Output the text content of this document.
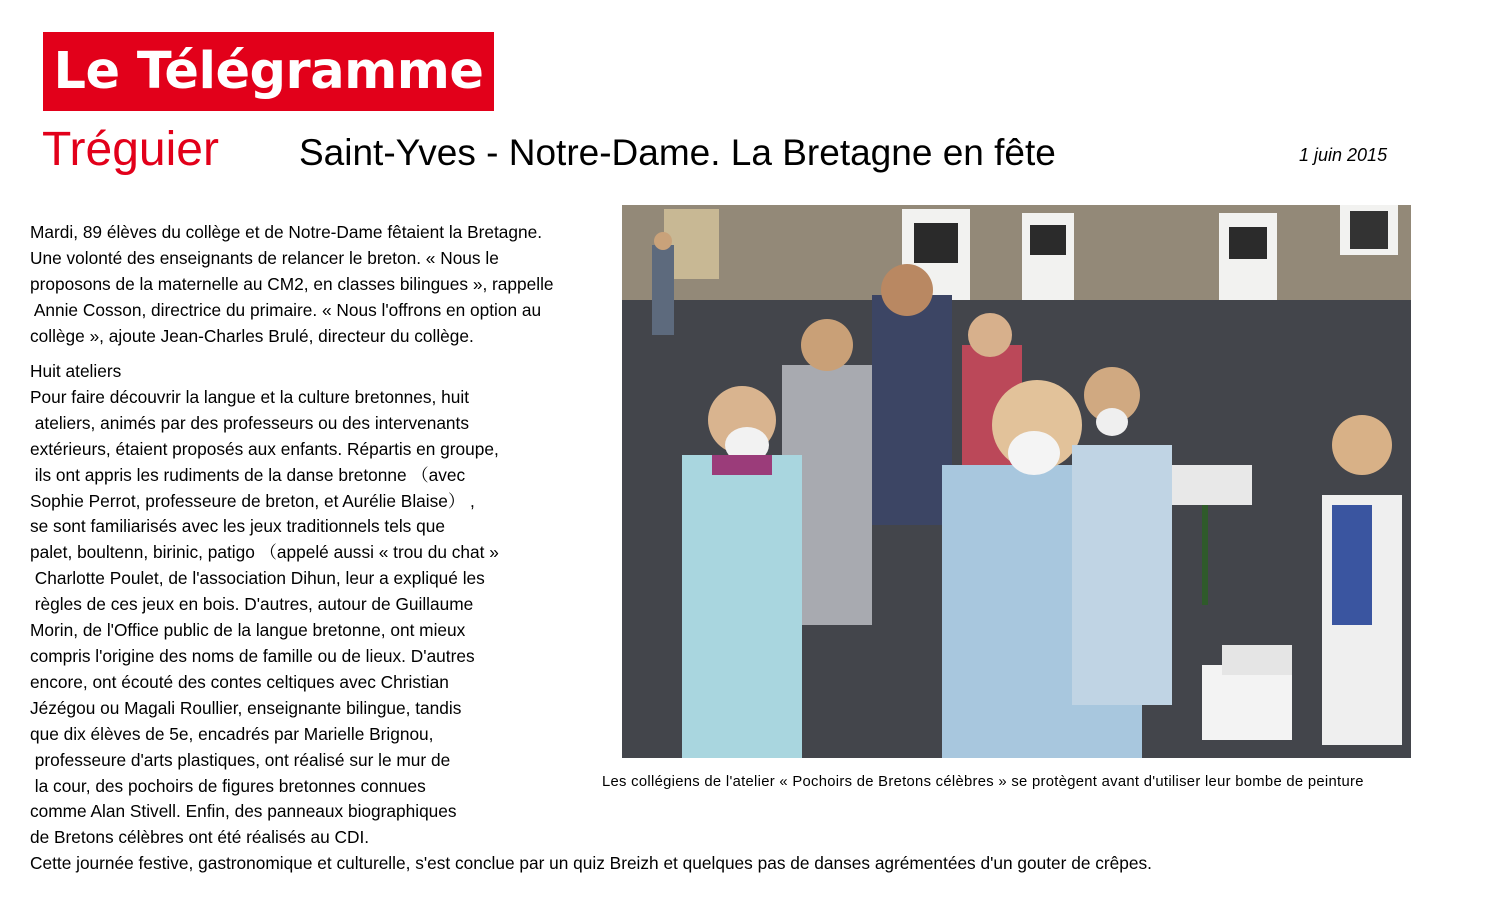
Le Télégramme
Tréguier Saint-Yves - Notre-Dame. La Bretagne en fête	1 juin 2015
Mardi, 89 élèves du collège et de Notre-Dame fêtaient la Bretagne.
Une volonté des enseignants de relancer le breton. « Nous le
proposons de la maternelle au CM2, en classes bilingues », rappelle
Annie Cosson, directrice du primaire. « Nous l'offrons en option au
collège », ajoute Jean-Charles Brulé, directeur du collège.
Huit ateliers
Pour faire découvrir la langue et la culture bretonnes, huit
ateliers, animés par des professeurs ou des intervenants
extérieurs, étaient proposés aux enfants. Répartis en groupe,
ils ont appris les rudiments de la danse bretonne （avec
Sophie Perrot, professeure de breton, et Aurélie Blaise） ,
se sont familiarisés avec les jeux traditionnels tels que
palet, boultenn, birinic, patigo （appelé aussi « trou du chat »
Charlotte Poulet, de l'association Dihun, leur a expliqué les
règles de ces jeux en bois. D'autres, autour de Guillaume
Morin, de l'Office public de la langue bretonne, ont mieux
compris l'origine des noms de famille ou de lieux. D'autres
encore, ont écouté des contes celtiques avec Christian
Jézégou ou Magali Roullier, enseignante bilingue, tandis
que dix élèves de 5e, encadrés par Marielle Brignou,
professeure d'arts plastiques, ont réalisé sur le mur de
la cour, des pochoirs de figures bretonnes connues
comme Alan Stivell. Enfin, des panneaux biographiques
de Bretons célèbres ont été réalisés au CDI.
Cette journée festive, gastronomique et culturelle, s'est conclue par un quiz Breizh et quelques pas de danses agrémentées d'un gouter de crêpes.
Les collégiens de l'atelier « Pochoirs de Bretons célèbres » se protègent avant d'utiliser leur bombe de peinture
